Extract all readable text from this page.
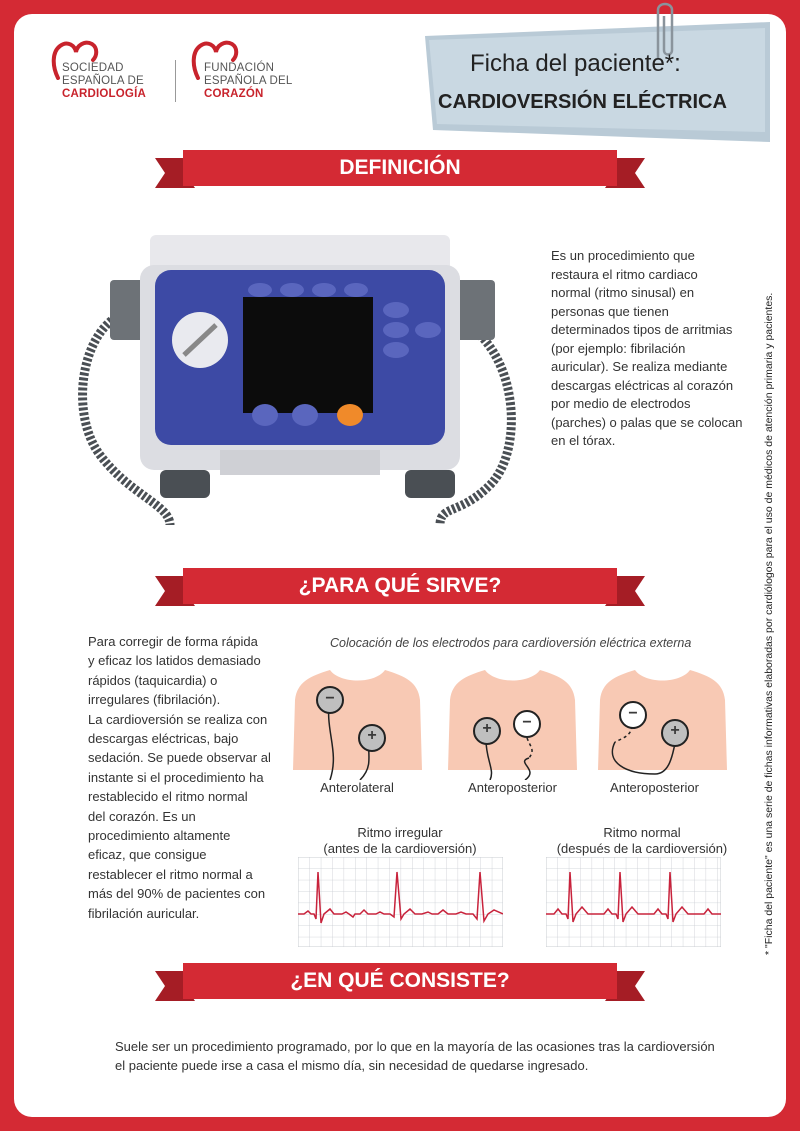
SOCIEDAD
ESPAÑOLA DE
CARDIOLOGÍA
FUNDACIÓN
ESPAÑOLA DEL
CORAZÓN
Ficha del paciente*:
CARDIOVERSIÓN ELÉCTRICA
DEFINICIÓN
Es un procedimiento que
restaura el ritmo cardiaco
normal (ritmo sinusal) en
personas que tienen
determinados tipos de arritmias
(por ejemplo: fibrilación
auricular). Se realiza mediante
descargas eléctricas al corazón
por medio de electrodos
(parches) o palas que se colocan
en el tórax.
¿PARA QUÉ SIRVE?
Para corregir de forma rápida
y eficaz los latidos demasiado
rápidos (taquicardia) o
irregulares (fibrilación).
La cardioversión se realiza con
descargas eléctricas, bajo
sedación. Se puede observar al
instante si el procedimiento ha
restablecido el ritmo normal
del corazón. Es un
procedimiento altamente
eficaz, que consigue
restablecer el ritmo normal a
más del 90% de pacientes con
fibrilación auricular.
Colocación de los electrodos para cardioversión eléctrica externa
−
+
Anterolateral
+	−
Anteroposterior
−
+
Anteroposterior
Ritmo irregular
(antes de la cardioversión)
Ritmo normal
(después de la cardioversión)
¿EN QUÉ CONSISTE?
Suele ser un procedimiento programado, por lo que en la mayoría de las ocasiones tras la cardioversión
el paciente puede irse a casa el mismo día, sin necesidad de quedarse ingresado.
* "Ficha del paciente" es una serie de fichas informativas elaboradas por cardiólogos para el uso de médicos de atención primaria y pacientes.
